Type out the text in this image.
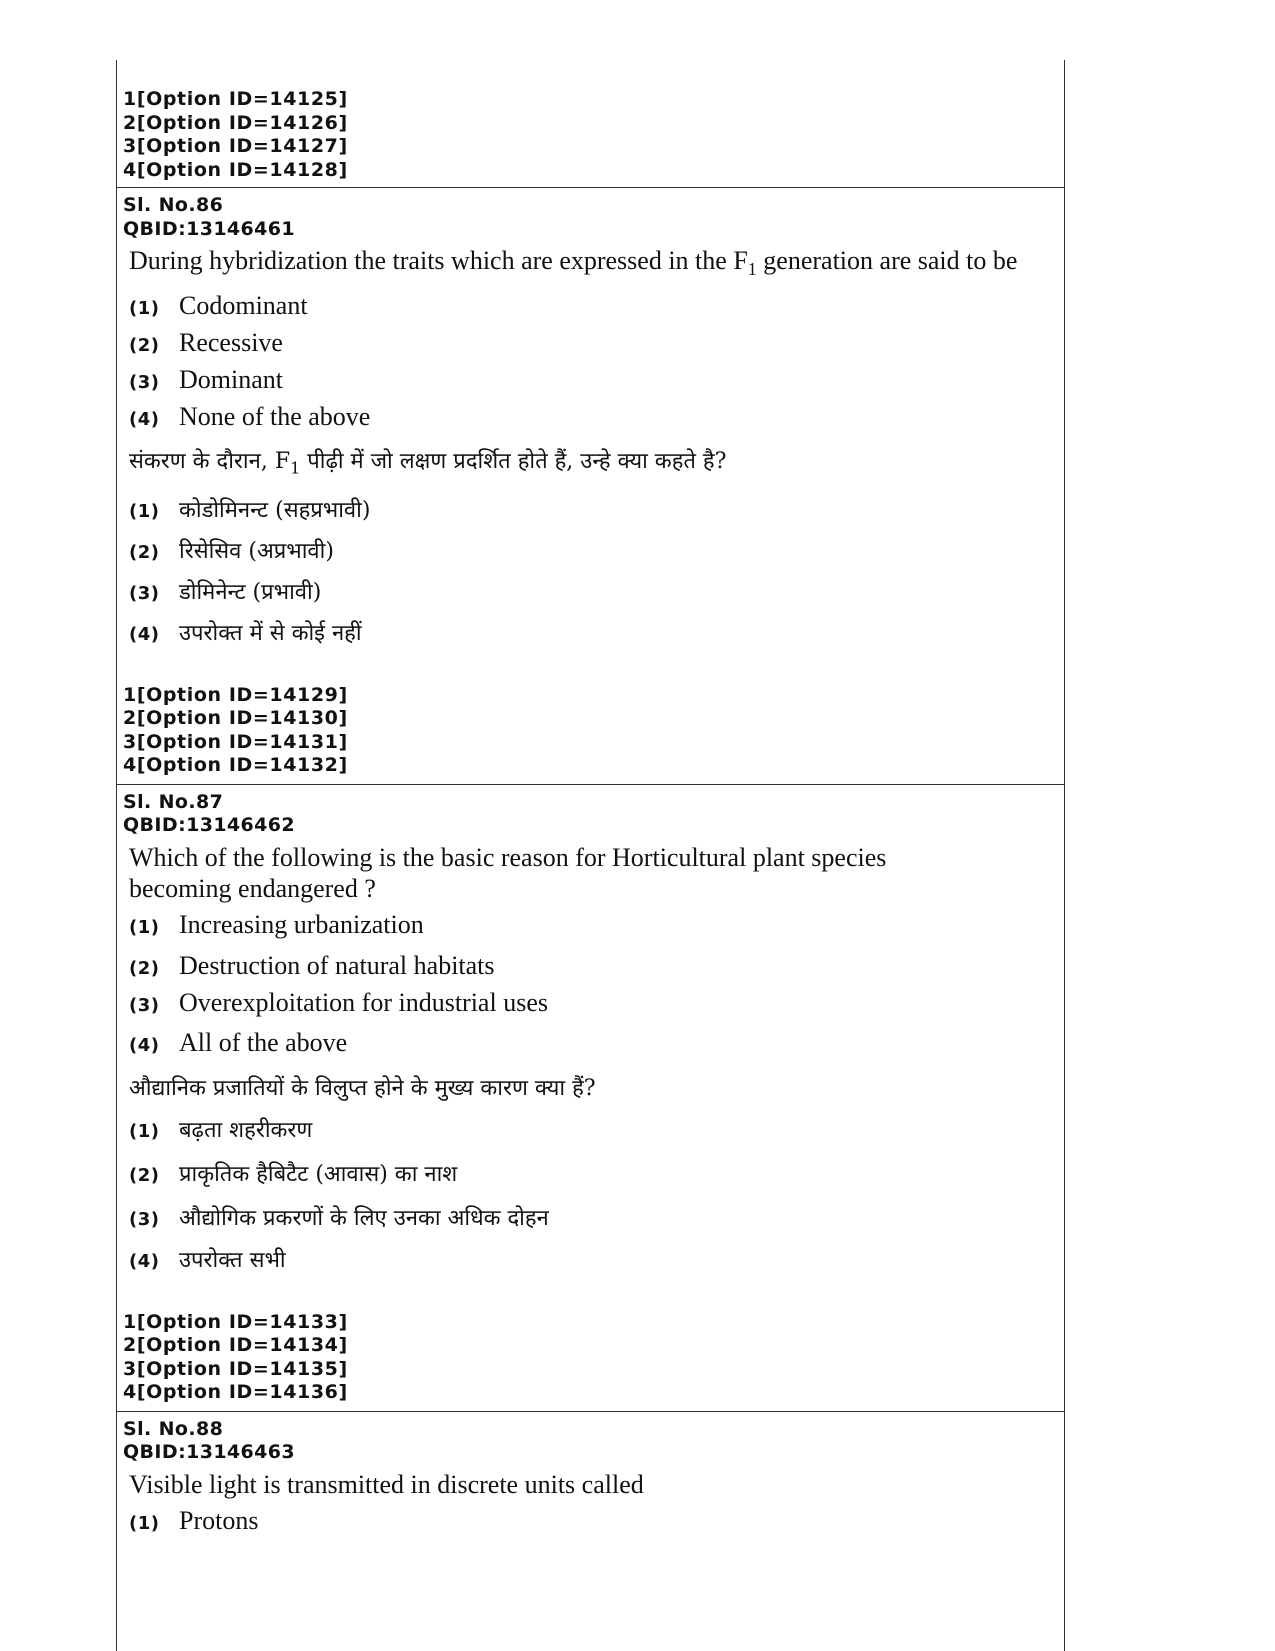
1[Option ID=14125]
2[Option ID=14126]
3[Option ID=14127]
4[Option ID=14128]
Sl. No.86
QBID:13146461
During hybridization the traits which are expressed in the $F_1$ generation are said to be
(1) Codominant
(2) Recessive
(3) Dominant
(4) None of the above
संकरण के दौरान, $F_1$ पीढ़ी में जो लक्षण प्रदर्शित होते हैं, उन्हे क्या कहते है?
(1) कोडोमिनन्ट (सहप्रभावी)
(2) रिसेसिव (अप्रभावी)
(3) डोमिनेन्ट (प्रभावी)
(4) उपरोक्त में से कोई नहीं
1[Option ID=14129]
2[Option ID=14130]
3[Option ID=14131]
4[Option ID=14132]
Sl. No.87
QBID:13146462
Which of the following is the basic reason for Horticultural plant species becoming endangered ?
(1) Increasing urbanization
(2) Destruction of natural habitats
(3) Overexploitation for industrial uses
(4) All of the above
औद्यानिक प्रजातियों के विलुप्त होने के मुख्य कारण क्या हैं?
(1) बढ़ता शहरीकरण
(2) प्राकृतिक हैबिटैट (आवास) का नाश
(3) औद्योगिक प्रकरणों के लिए उनका अधिक दोहन
(4) उपरोक्त सभी
1[Option ID=14133]
2[Option ID=14134]
3[Option ID=14135]
4[Option ID=14136]
Sl. No.88
QBID:13146463
Visible light is transmitted in discrete units called
(1) Protons
